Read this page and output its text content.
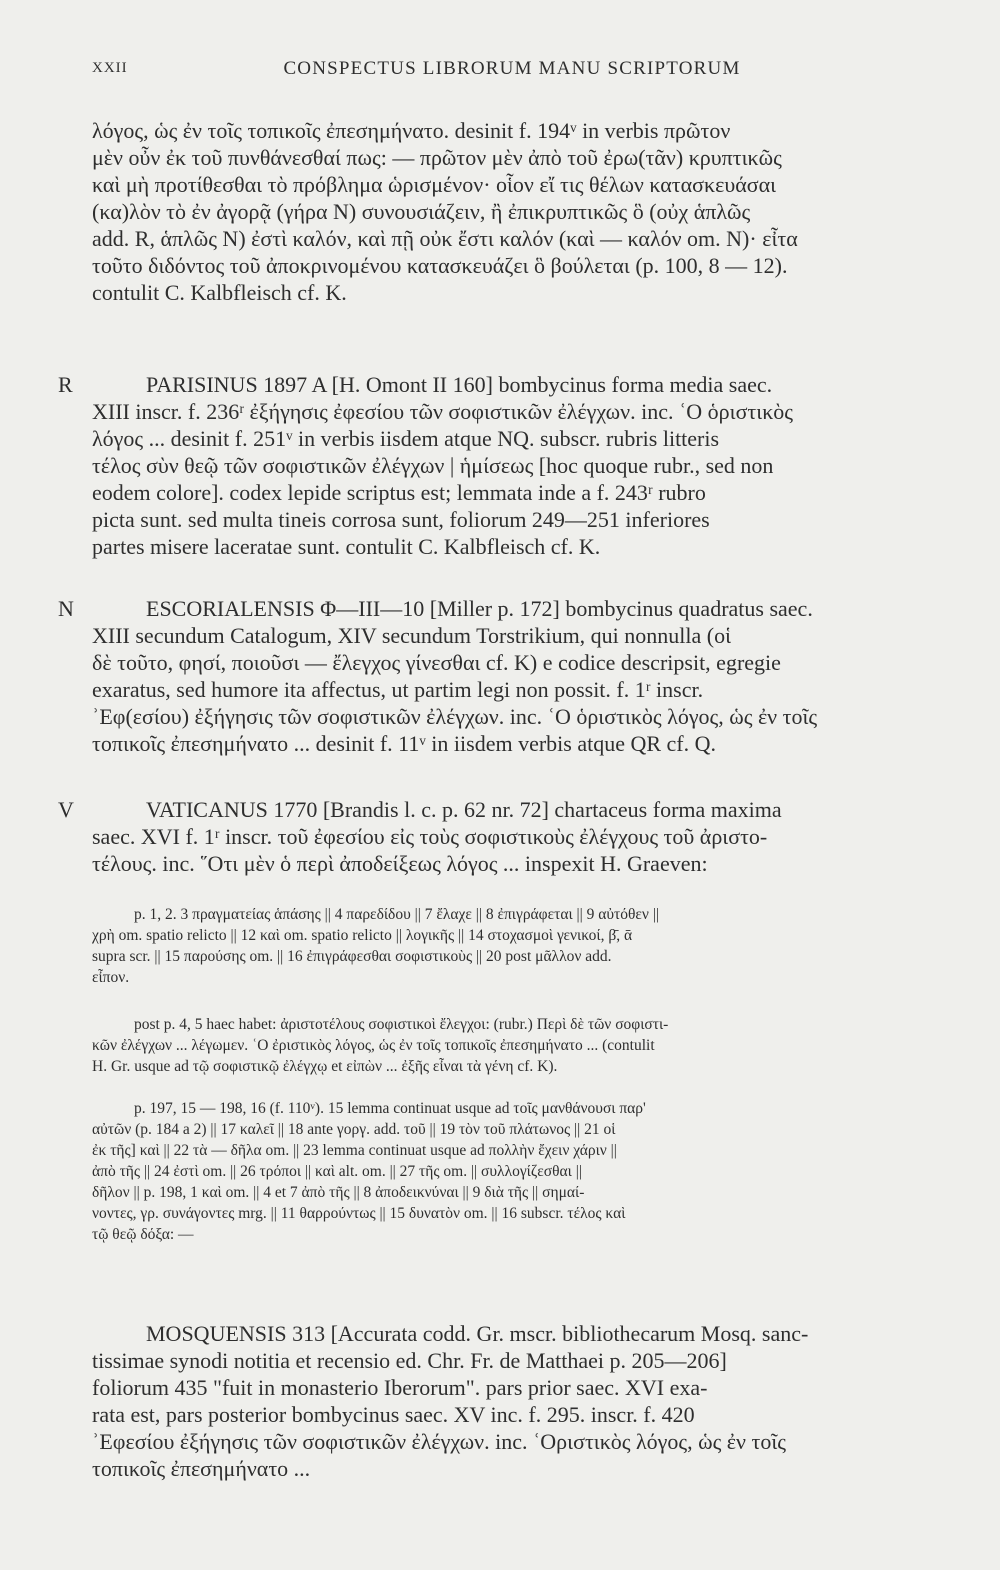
XXII	CONSPECTUS LIBRORUM MANU SCRIPTORUM
R
N
V
λόγος, ὡς ἐν τοῖς τοπικοῖς ἐπεσημήνατο. desinit f. 194ᵛ in verbis πρῶτον
μὲν οὖν ἐκ τοῦ πυνθάνεσθαί πως: — πρῶτον μὲν ἀπὸ τοῦ ἐρω(τᾶν) κρυπτικῶς
καὶ μὴ προτίθεσθαι τὸ πρόβλημα ὡρισμένον· οἷον εἴ τις θέλων κατασκευάσαι
(κα)λὸν τὸ ἐν ἀγορᾷ (γήρα N) συνουσιάζειν, ἢ ἐπικρυπτικῶς ὃ (οὐχ ἁπλῶς
add. R, ἁπλῶς N) ἐστὶ καλόν, καὶ πῇ οὐκ ἔστι καλόν (καὶ — καλόν om. N)· εἶτα
τοῦτο διδόντος τοῦ ἀποκρινομένου κατασκευάζει ὃ βούλεται (p. 100, 8 — 12).
contulit C. Kalbfleisch cf. K.
PARISINUS 1897 A [H. Omont II 160] bombycinus forma media saec.
XIII inscr. f. 236ʳ ἐξήγησις ἐφεσίου τῶν σοφιστικῶν ἐλέγχων. inc. ʿΟ ὁριστικὸς
λόγος ... desinit f. 251ᵛ in verbis iisdem atque NQ. subscr. rubris litteris
τέλος σὺν θεῷ τῶν σοφιστικῶν ἐλέγχων | ἡμίσεως [hoc quoque rubr., sed non
eodem colore]. codex lepide scriptus est; lemmata inde a f. 243ʳ rubro
picta sunt. sed multa tineis corrosa sunt, foliorum 249—251 inferiores
partes misere laceratae sunt. contulit C. Kalbfleisch cf. K.
ESCORIALENSIS Φ—III—10 [Miller p. 172] bombycinus quadratus saec.
XIII secundum Catalogum, XIV secundum Torstrikium, qui nonnulla (οἱ
δὲ τοῦτο, φησί, ποιοῦσι — ἔλεγχος γίνεσθαι cf. K) e codice descripsit, egregie
exaratus, sed humore ita affectus, ut partim legi non possit. f. 1ʳ inscr.
ʾΕφ(εσίου) ἐξήγησις τῶν σοφιστικῶν ἐλέγχων. inc. ʿΟ ὁριστικὸς λόγος, ὡς ἐν τοῖς
τοπικοῖς ἐπεσημήνατο ... desinit f. 11ᵛ in iisdem verbis atque QR cf. Q.
VATICANUS 1770 [Brandis l. c. p. 62 nr. 72] chartaceus forma maxima
saec. XVI f. 1ʳ inscr. τοῦ ἐφεσίου εἰς τοὺς σοφιστικοὺς ἐλέγχους τοῦ ἀριστο-
τέλους. inc. ῞Οτι μὲν ὁ περὶ ἀποδείξεως λόγος ... inspexit H. Graeven:
p. 1, 2. 3 πραγματείας ἁπάσης || 4 παρεδίδου || 7 ἔλαχε || 8 ἐπιγράφεται || 9 αὐτόθεν ||
χρὴ om. spatio relicto || 12 καὶ om. spatio relicto || λογικῆς || 14 στοχασμοὶ γενικοί, β̄, ᾱ
supra scr. || 15 παρούσης om. || 16 ἐπιγράφεσθαι σοφιστικοὺς || 20 post μᾶλλον add.
εἶπον.
post p. 4, 5 haec habet: ἀριστοτέλους σοφιστικοὶ ἔλεγχοι: (rubr.) Περὶ δὲ τῶν σοφιστι-
κῶν ἐλέγχων ... λέγωμεν. ʿΟ ἐριστικὸς λόγος, ὡς ἐν τοῖς τοπικοῖς ἐπεσημήνατο ... (contulit
H. Gr. usque ad τῷ σοφιστικῷ ἐλέγχῳ et εἰπὼν ... ἐξῆς εἶναι τὰ γένη cf. K).
p. 197, 15 — 198, 16 (f. 110ᵛ). 15 lemma continuat usque ad τοῖς μανθάνουσι παρ'
αὐτῶν (p. 184 a 2) || 17 καλεῖ || 18 ante γοργ. add. τοῦ || 19 τὸν τοῦ πλάτωνος || 21 οἱ
ἐκ τῆς] καὶ || 22 τὰ — δῆλα om. || 23 lemma continuat usque ad πολλὴν ἔχειν χάριν ||
ἀπὸ τῆς || 24 ἐστὶ om. || 26 τρόποι || καὶ alt. om. || 27 τῆς om. || συλλογίζεσθαι ||
δῆλον || p. 198, 1 καὶ om. || 4 et 7 ἀπὸ τῆς || 8 ἀποδεικνύναι || 9 διὰ τῆς || σημαί-
νοντες, γρ. συνάγοντες mrg. || 11 θαρρούντως || 15 δυνατὸν om. || 16 subscr. τέλος καὶ
τῷ θεῷ δόξα: —
MOSQUENSIS 313 [Accurata codd. Gr. mscr. bibliothecarum Mosq. sanc-
tissimae synodi notitia et recensio ed. Chr. Fr. de Matthaei p. 205—206]
foliorum 435 "fuit in monasterio Iberorum". pars prior saec. XVI exa-
rata est, pars posterior bombycinus saec. XV inc. f. 295. inscr. f. 420
ʾΕφεσίου ἐξήγησις τῶν σοφιστικῶν ἐλέγχων. inc. ʿΟριστικὸς λόγος, ὡς ἐν τοῖς
τοπικοῖς ἐπεσημήνατο ...
